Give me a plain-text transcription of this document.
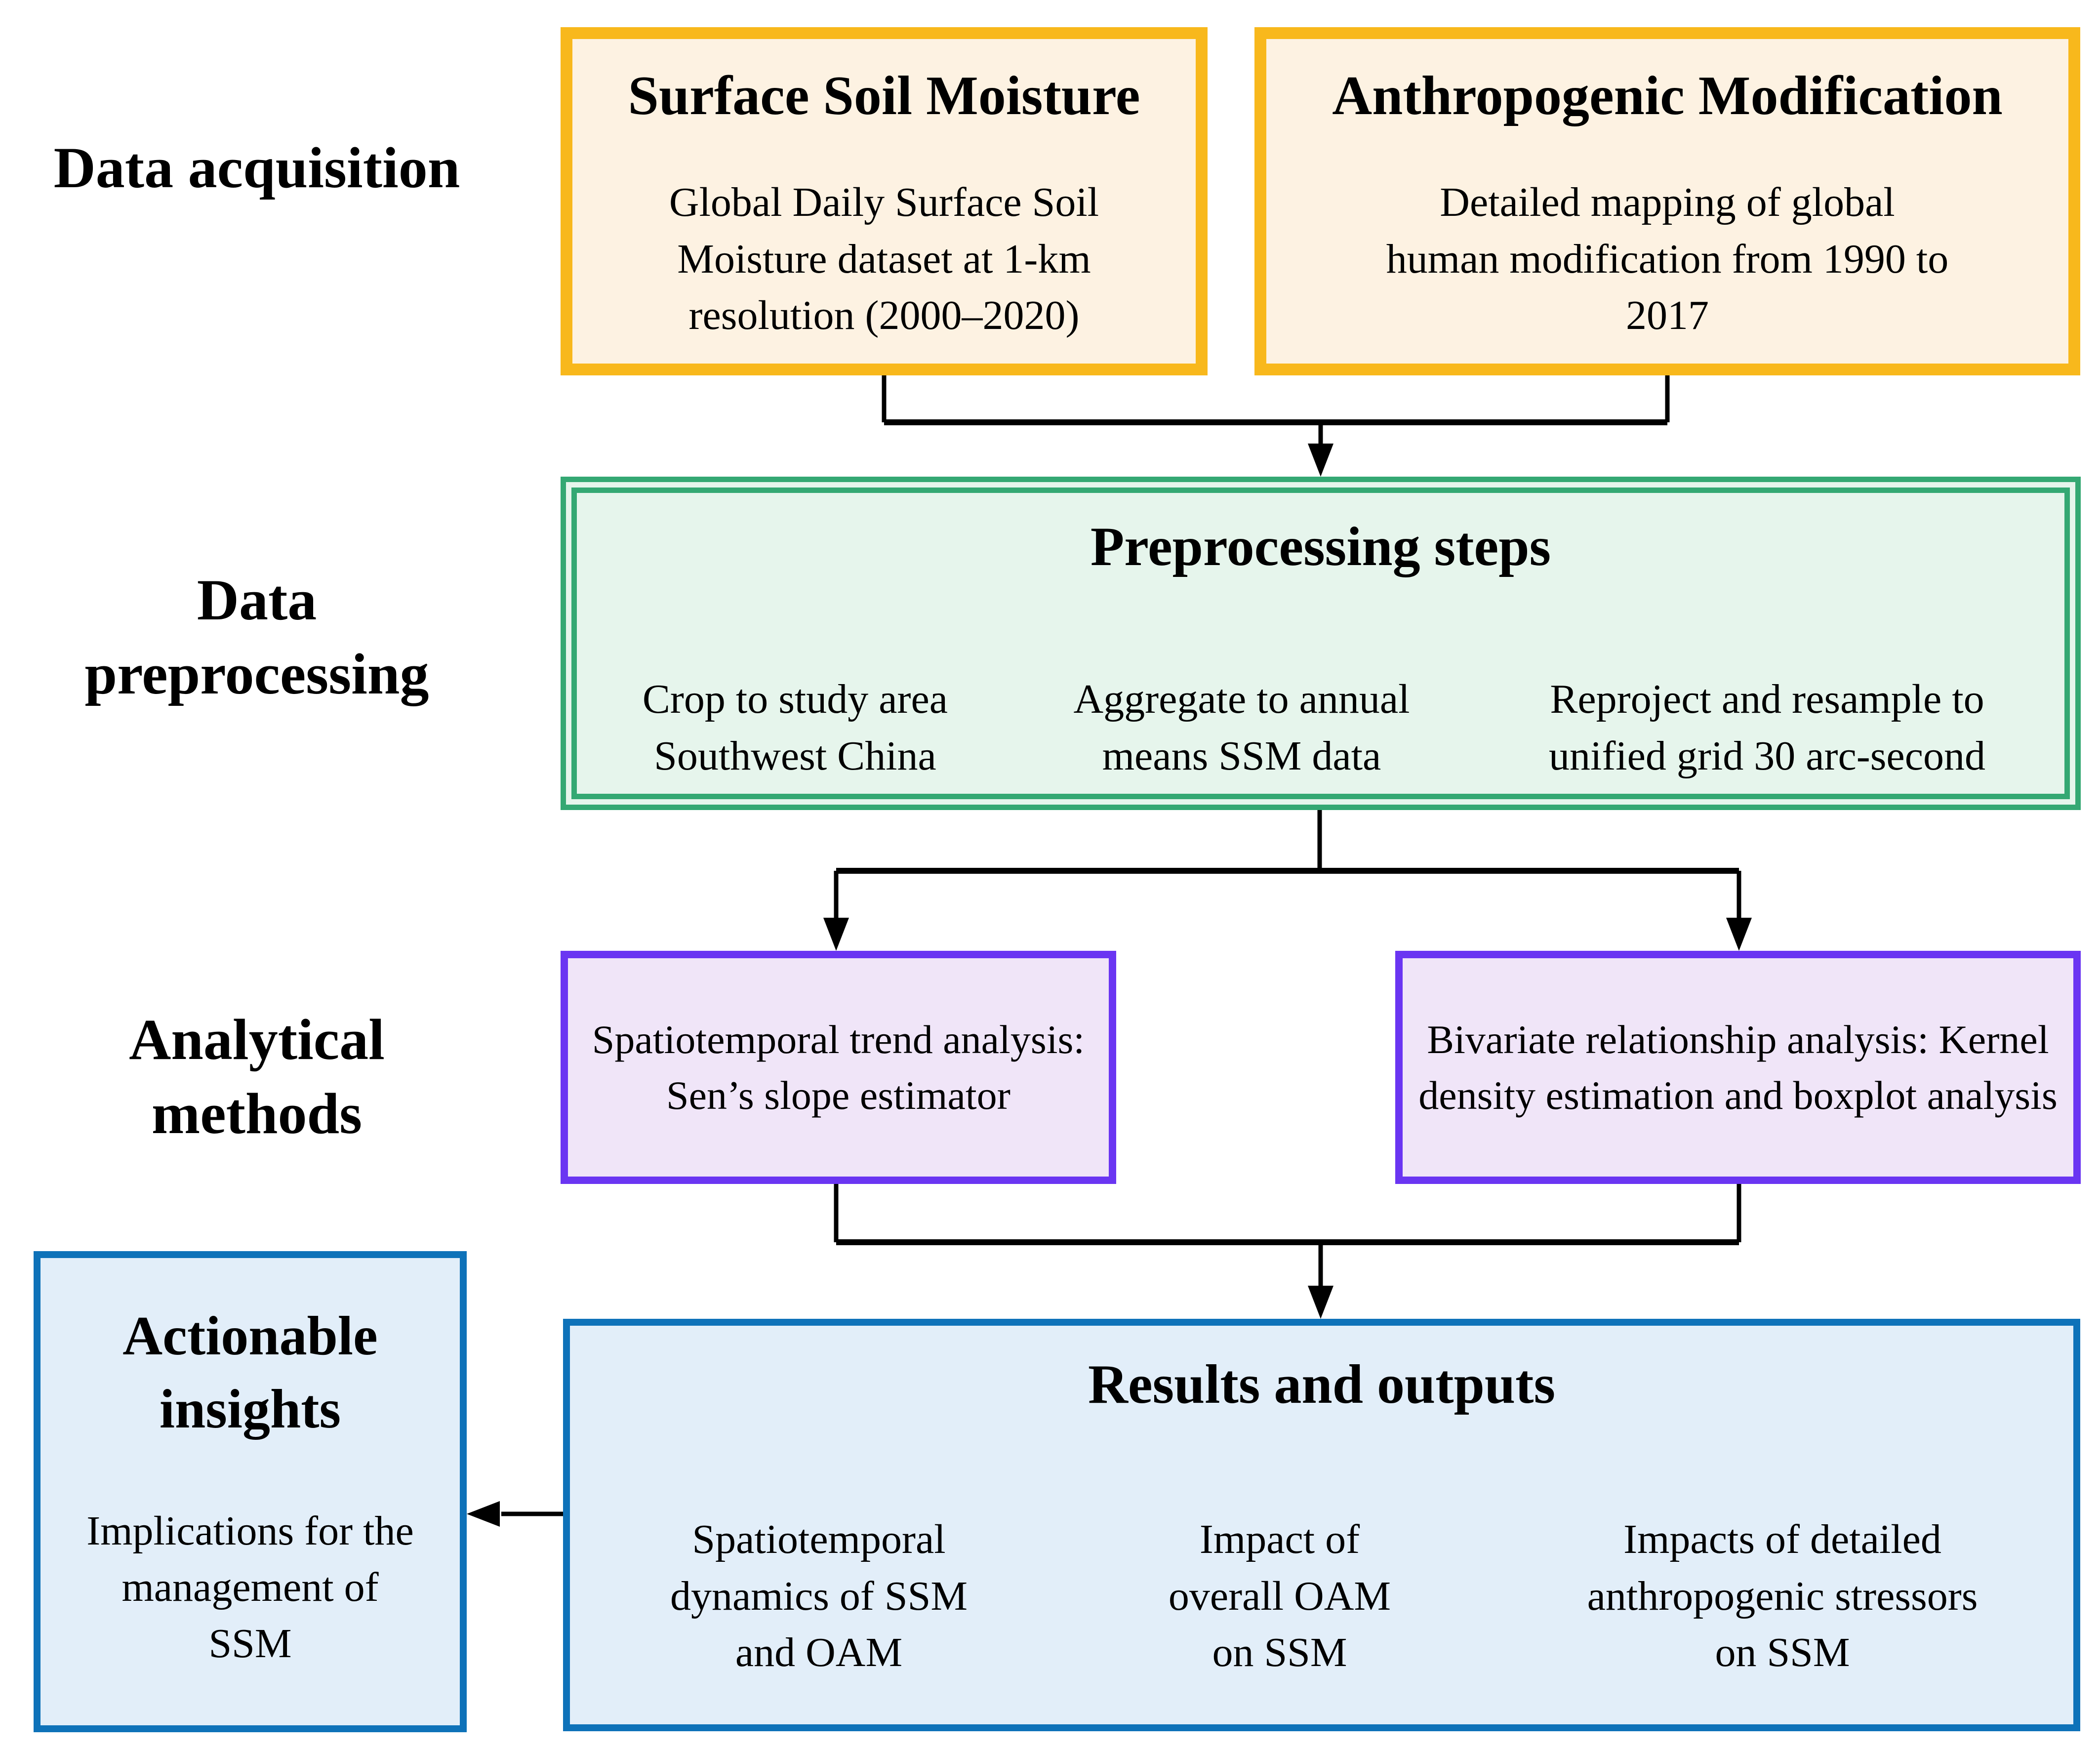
Data acquisition
Data preprocessing
Analytical methods
Surface Soil Moisture
Global Daily Surface Soil Moisture dataset at 1-km resolution (2000–2020)
Anthropogenic Modification
Detailed mapping of global human modification from 1990 to 2017
Preprocessing steps
Crop to study area Southwest China
Aggregate to annual means SSM data
Reproject and resample to unified grid 30 arc-second
Spatiotemporal trend analysis:
Sen’s slope estimator
Bivariate relationship analysis: Kernel density estimation and boxplot analysis
Results and outputs
Spatiotemporal dynamics of SSM and OAM
Impact of overall OAM on SSM
Impacts of detailed anthropogenic stressors on SSM
Actionable insights
Implications for the management of SSM
